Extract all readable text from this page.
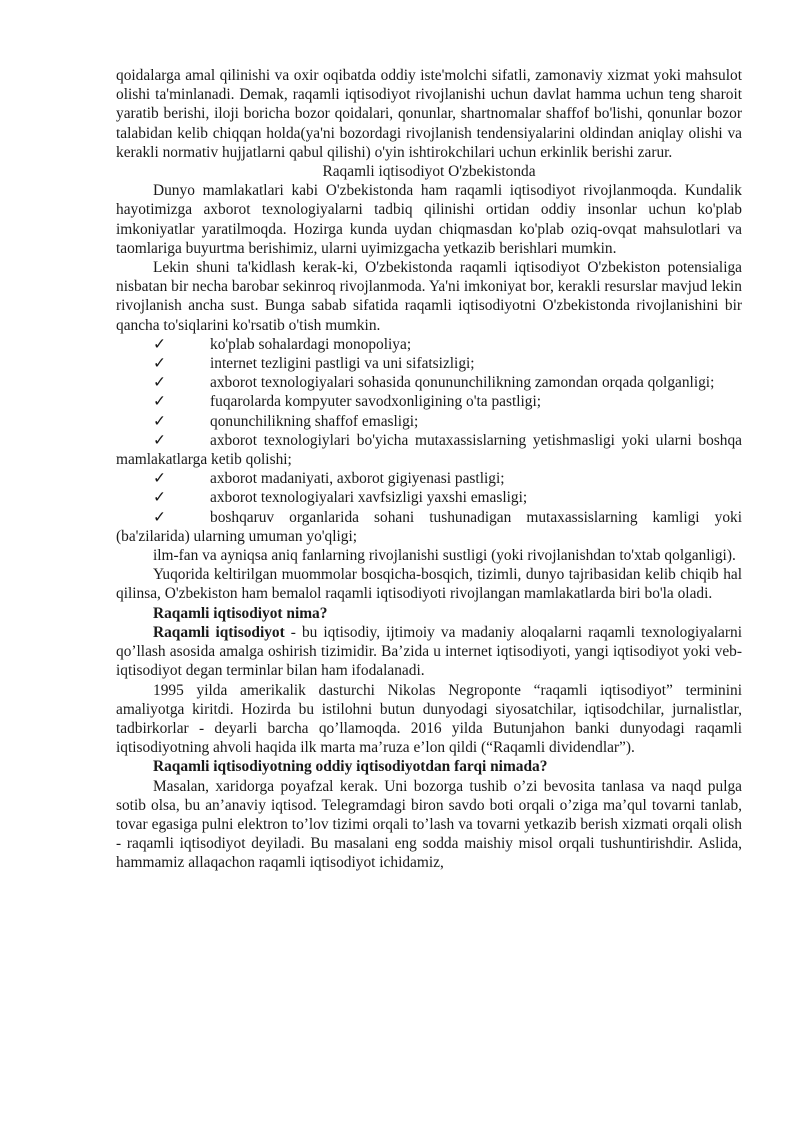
qoidalarga amal qilinishi va oxir oqibatda oddiy iste'molchi sifatli, zamonaviy xizmat yoki mahsulot olishi ta'minlanadi. Demak, raqamli iqtisodiyot rivojlanishi uchun davlat hamma uchun teng sharoit yaratib berishi, iloji boricha bozor qoidalari, qonunlar, shartnomalar shaffof bo'lishi, qonunlar bozor talabidan kelib chiqqan holda(ya'ni bozordagi rivojlanish tendensiyalarini oldindan aniqlay olishi va kerakli normativ hujjatlarni qabul qilishi) o'yin ishtirokchilari uchun erkinlik berishi zarur.

Raqamli iqtisodiyot O'zbekistonda

Dunyo mamlakatlari kabi O'zbekistonda ham raqamli iqtisodiyot rivojlanmoqda. Kundalik hayotimizga axborot texnologiyalarni tadbiq qilinishi ortidan oddiy insonlar uchun ko'plab imkoniyatlar yaratilmoqda. Hozirga kunda uydan chiqmasdan ko'plab oziq-ovqat mahsulotlari va taomlariga buyurtma berishimiz, ularni uyimizgacha yetkazib berishlari mumkin.

Lekin shuni ta'kidlash kerak-ki, O'zbekistonda raqamli iqtisodiyot O'zbekiston potensialiga nisbatan bir necha barobar sekinroq rivojlanmoda. Ya'ni imkoniyat bor, kerakli resurslar mavjud lekin rivojlanish ancha sust. Bunga sabab sifatida raqamli iqtisodiyotni O'zbekistonda rivojlanishini bir qancha to'siqlarini ko'rsatib o'tish mumkin.

✓	ko'plab sohalardagi monopoliya;

✓	internet tezligini pastligi va uni sifatsizligi;

✓	axborot texnologiyalari sohasida qonununchilikning zamondan orqada qolganligi;

✓	fuqarolarda kompyuter savodxonligining o'ta pastligi;

✓	qonunchilikning shaffof emasligi;

✓	axborot texnologiylari bo'yicha mutaxassislarning yetishmasligi yoki ularni boshqa mamlakatlarga ketib qolishi;

✓	axborot madaniyati, axborot gigiyenasi pastligi;

✓	axborot texnologiyalari xavfsizligi yaxshi emasligi;

✓	boshqaruv organlarida sohani tushunadigan mutaxassislarning kamligi yoki (ba'zilarida) ularning umuman yo'qligi;

ilm-fan va ayniqsa aniq fanlarning rivojlanishi sustligi (yoki rivojlanishdan to'xtab qolganligi).

Yuqorida keltirilgan muommolar bosqicha-bosqich, tizimli, dunyo tajribasidan kelib chiqib hal qilinsa, O'zbekiston ham bemalol raqamli iqtisodiyoti rivojlangan mamlakatlarda biri bo'la oladi.

Raqamli iqtisodiyot nima?

Raqamli iqtisodiyot - bu iqtisodiy, ijtimoiy va madaniy aloqalarni raqamli texnologiyalarni qo’llash asosida amalga oshirish tizimidir. Ba’zida u internet iqtisodiyoti, yangi iqtisodiyot yoki veb-iqtisodiyot degan terminlar bilan ham ifodalanadi.

1995 yilda amerikalik dasturchi Nikolas Negroponte “raqamli iqtisodiyot” terminini amaliyotga kiritdi. Hozirda bu istilohni butun dunyodagi siyosatchilar, iqtisodchilar, jurnalistlar, tadbirkorlar - deyarli barcha qo’llamoqda. 2016 yilda Butunjahon banki dunyodagi raqamli iqtisodiyotning ahvoli haqida ilk marta ma’ruza e’lon qildi (“Raqamli dividendlar”).

Raqamli iqtisodiyotning oddiy iqtisodiyotdan farqi nimada?

Masalan, xaridorga poyafzal kerak. Uni bozorga tushib o’zi bevosita tanlasa va naqd pulga sotib olsa, bu an’anaviy iqtisod. Telegramdagi biron savdo boti orqali o’ziga ma’qul tovarni tanlab, tovar egasiga pulni elektron to’lov tizimi orqali to’lash va tovarni yetkazib berish xizmati orqali olish - raqamli iqtisodiyot deyiladi. Bu masalani eng sodda maishiy misol orqali tushuntirishdir. Aslida, hammamiz allaqachon raqamli iqtisodiyot ichidamiz,
